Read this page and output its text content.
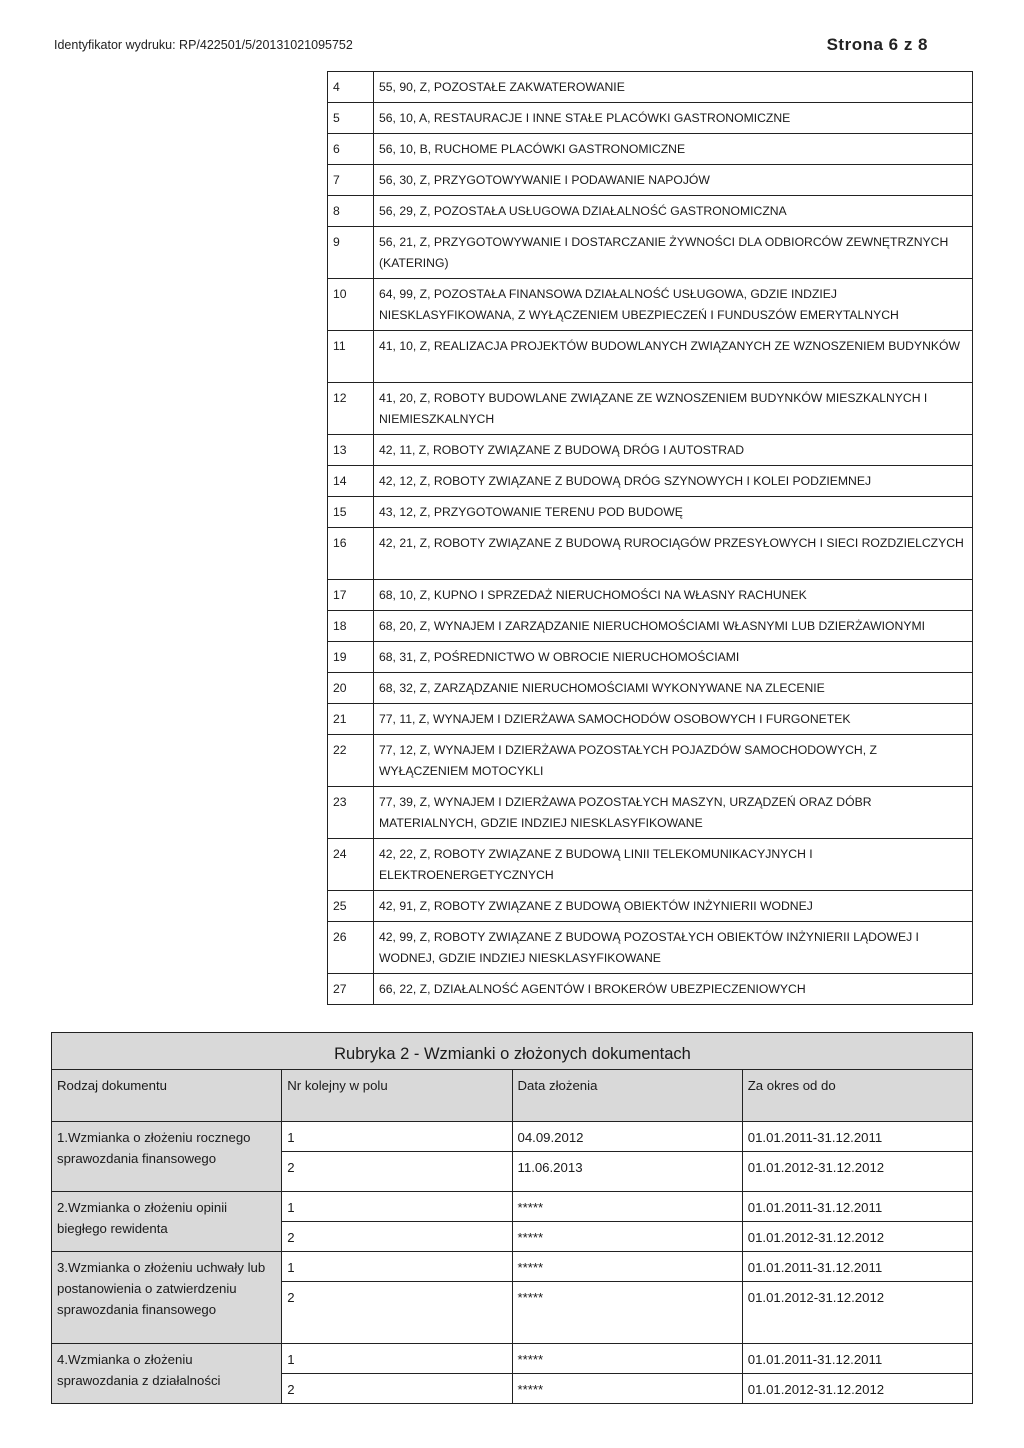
Identyfikator wydruku: RP/422501/5/20131021095752	Strona 6 z 8
4	55, 90, Z, POZOSTAŁE ZAKWATEROWANIE
5	56, 10, A, RESTAURACJE I INNE STAŁE PLACÓWKI GASTRONOMICZNE
6	56, 10, B, RUCHOME PLACÓWKI GASTRONOMICZNE
7	56, 30, Z, PRZYGOTOWYWANIE I PODAWANIE NAPOJÓW
8	56, 29, Z, POZOSTAŁA USŁUGOWA DZIAŁALNOŚĆ GASTRONOMICZNA
9	56, 21, Z, PRZYGOTOWYWANIE I DOSTARCZANIE ŻYWNOŚCI DLA ODBIORCÓW ZEWNĘTRZNYCH (KATERING)
10	64, 99, Z, POZOSTAŁA FINANSOWA DZIAŁALNOŚĆ USŁUGOWA, GDZIE INDZIEJ NIESKLASYFIKOWANA, Z WYŁĄCZENIEM UBEZPIECZEŃ I FUNDUSZÓW EMERYTALNYCH
11	41, 10, Z, REALIZACJA PROJEKTÓW BUDOWLANYCH ZWIĄZANYCH ZE WZNOSZENIEM BUDYNKÓW
12	41, 20, Z, ROBOTY BUDOWLANE ZWIĄZANE ZE WZNOSZENIEM BUDYNKÓW MIESZKALNYCH I NIEMIESZKALNYCH
13	42, 11, Z, ROBOTY ZWIĄZANE Z BUDOWĄ DRÓG I AUTOSTRAD
14	42, 12, Z, ROBOTY ZWIĄZANE Z BUDOWĄ DRÓG SZYNOWYCH I KOLEI PODZIEMNEJ
15	43, 12, Z, PRZYGOTOWANIE TERENU POD BUDOWĘ
16	42, 21, Z, ROBOTY ZWIĄZANE Z BUDOWĄ RUROCIĄGÓW PRZESYŁOWYCH I SIECI ROZDZIELCZYCH
17	68, 10, Z, KUPNO I SPRZEDAŻ NIERUCHOMOŚCI NA WŁASNY RACHUNEK
18	68, 20, Z, WYNAJEM I ZARZĄDZANIE NIERUCHOMOŚCIAMI WŁASNYMI LUB DZIERŻAWIONYMI
19	68, 31, Z, POŚREDNICTWO W OBROCIE NIERUCHOMOŚCIAMI
20	68, 32, Z, ZARZĄDZANIE NIERUCHOMOŚCIAMI WYKONYWANE NA ZLECENIE
21	77, 11, Z, WYNAJEM I DZIERŻAWA SAMOCHODÓW OSOBOWYCH I FURGONETEK
22	77, 12, Z, WYNAJEM I DZIERŻAWA POZOSTAŁYCH POJAZDÓW SAMOCHODOWYCH, Z WYŁĄCZENIEM MOTOCYKLI
23	77, 39, Z, WYNAJEM I DZIERŻAWA POZOSTAŁYCH MASZYN, URZĄDZEŃ ORAZ DÓBR MATERIALNYCH, GDZIE INDZIEJ NIESKLASYFIKOWANE
24	42, 22, Z, ROBOTY ZWIĄZANE Z BUDOWĄ LINII TELEKOMUNIKACYJNYCH I ELEKTROENERGETYCZNYCH
25	42, 91, Z, ROBOTY ZWIĄZANE Z BUDOWĄ OBIEKTÓW INŻYNIERII WODNEJ
26	42, 99, Z, ROBOTY ZWIĄZANE Z BUDOWĄ POZOSTAŁYCH OBIEKTÓW INŻYNIERII LĄDOWEJ I WODNEJ, GDZIE INDZIEJ NIESKLASYFIKOWANE
27	66, 22, Z, DZIAŁALNOŚĆ AGENTÓW I BROKERÓW UBEZPIECZENIOWYCH
Rubryka 2 - Wzmianki o złożonych dokumentach			
Rodzaj dokumentu	Nr kolejny w polu	Data złożenia	Za okres od do
1.Wzmianka o złożeniu rocznego sprawozdania finansowego	1	04.09.2012	01.01.2011-31.12.2011
	2	11.06.2013	01.01.2012-31.12.2012
2.Wzmianka o złożeniu opinii biegłego rewidenta	1	*****	01.01.2011-31.12.2011
	2	*****	01.01.2012-31.12.2012
3.Wzmianka o złożeniu uchwały lub postanowienia o zatwierdzeniu sprawozdania finansowego	1	*****	01.01.2011-31.12.2011
	2	*****	01.01.2012-31.12.2012
4.Wzmianka o złożeniu sprawozdania z działalności	1	*****	01.01.2011-31.12.2011
	2	*****	01.01.2012-31.12.2012
